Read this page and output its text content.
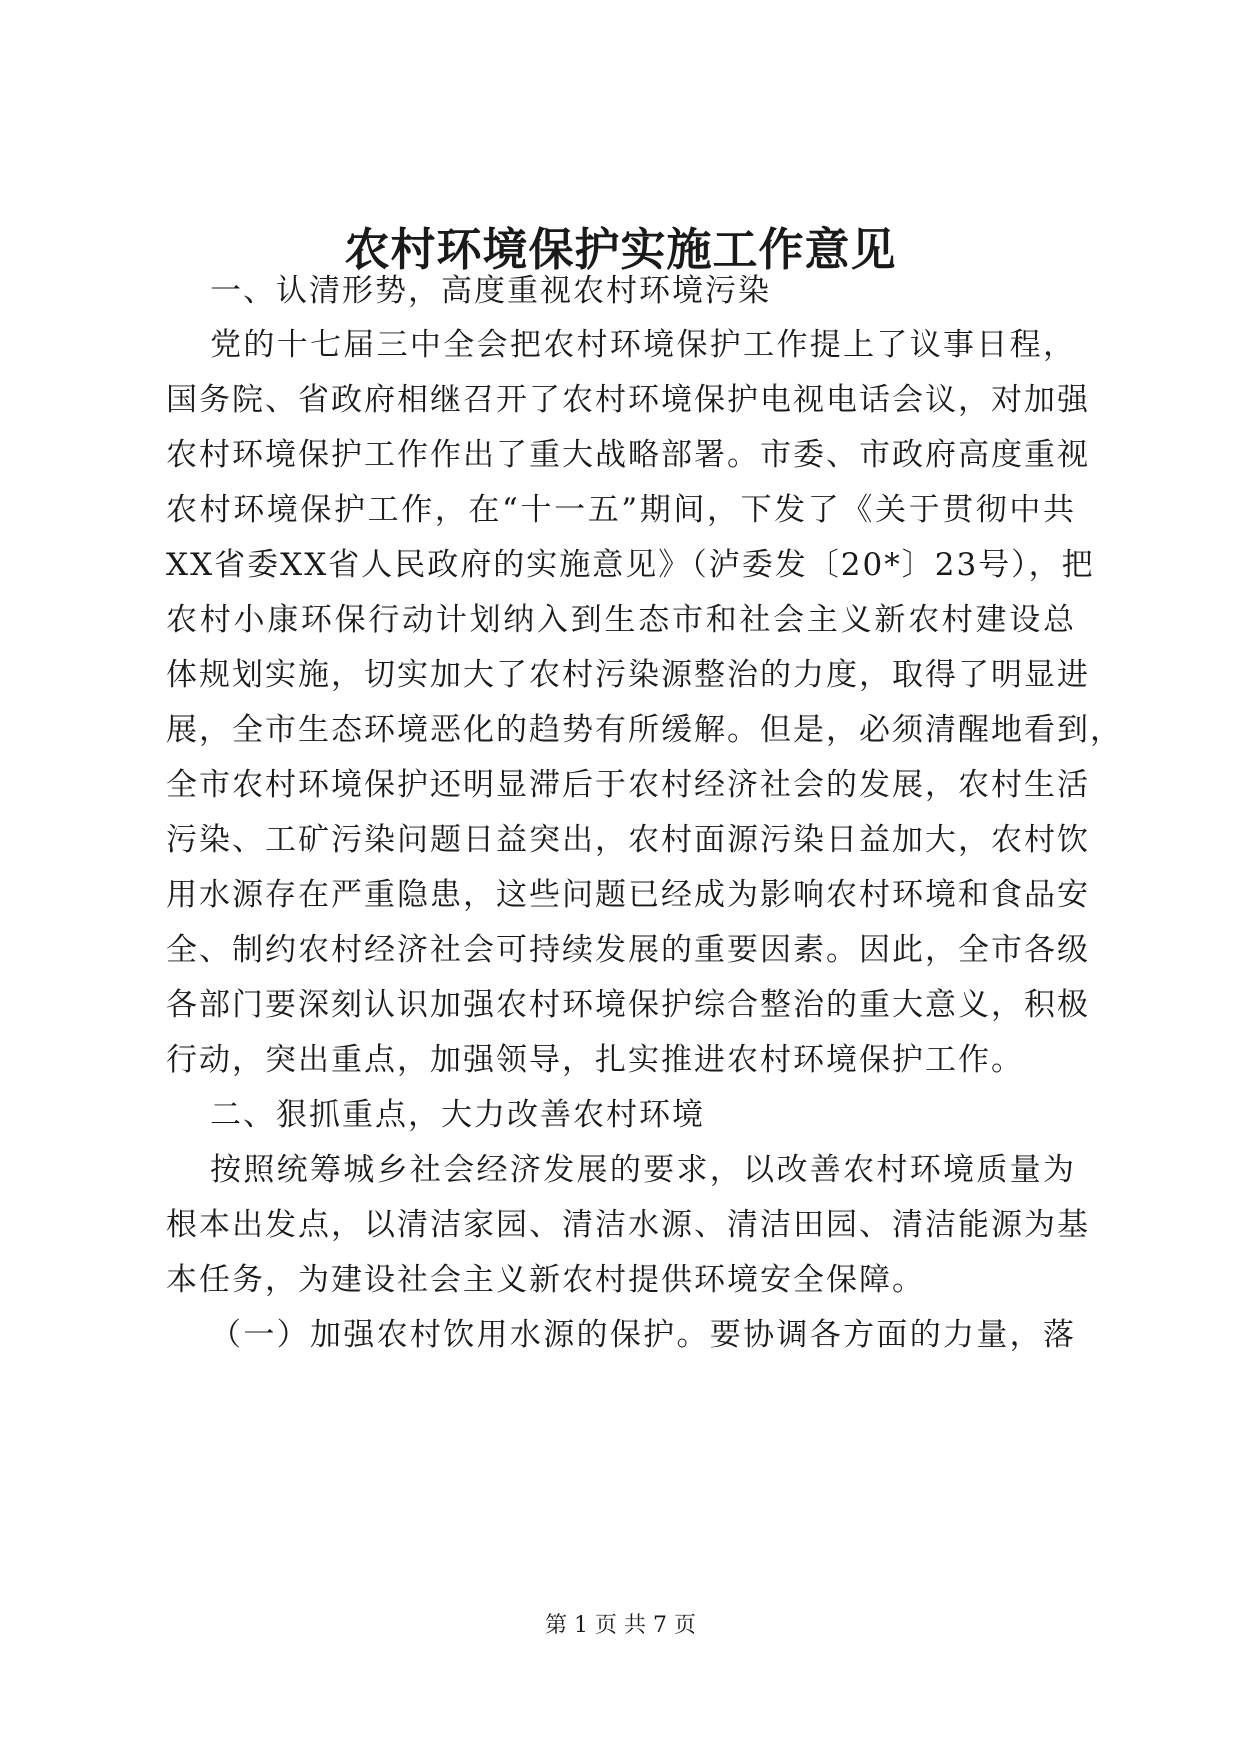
农村环境保护实施工作意见
一、认清形势，高度重视农村环境污染
党的十七届三中全会把农村环境保护工作提上了议事日程，
国务院、省政府相继召开了农村环境保护电视电话会议，对加强
农村环境保护工作作出了重大战略部署。市委、市政府高度重视
农村环境保护工作，在“十一五”期间，下发了《关于贯彻中共
XX省委XX省人民政府的实施意见》（泸委发〔20*〕23号），把
农村小康环保行动计划纳入到生态市和社会主义新农村建设总
体规划实施，切实加大了农村污染源整治的力度，取得了明显进
展，全市生态环境恶化的趋势有所缓解。但是，必须清醒地看到，
全市农村环境保护还明显滞后于农村经济社会的发展，农村生活
污染、工矿污染问题日益突出，农村面源污染日益加大，农村饮
用水源存在严重隐患，这些问题已经成为影响农村环境和食品安
全、制约农村经济社会可持续发展的重要因素。因此，全市各级
各部门要深刻认识加强农村环境保护综合整治的重大意义，积极
行动，突出重点，加强领导，扎实推进农村环境保护工作。
二、狠抓重点，大力改善农村环境
按照统筹城乡社会经济发展的要求，以改善农村环境质量为
根本出发点，以清洁家园、清洁水源、清洁田园、清洁能源为基
本任务，为建设社会主义新农村提供环境安全保障。
（一）加强农村饮用水源的保护。要协调各方面的力量，落
第 1 页 共 7 页
